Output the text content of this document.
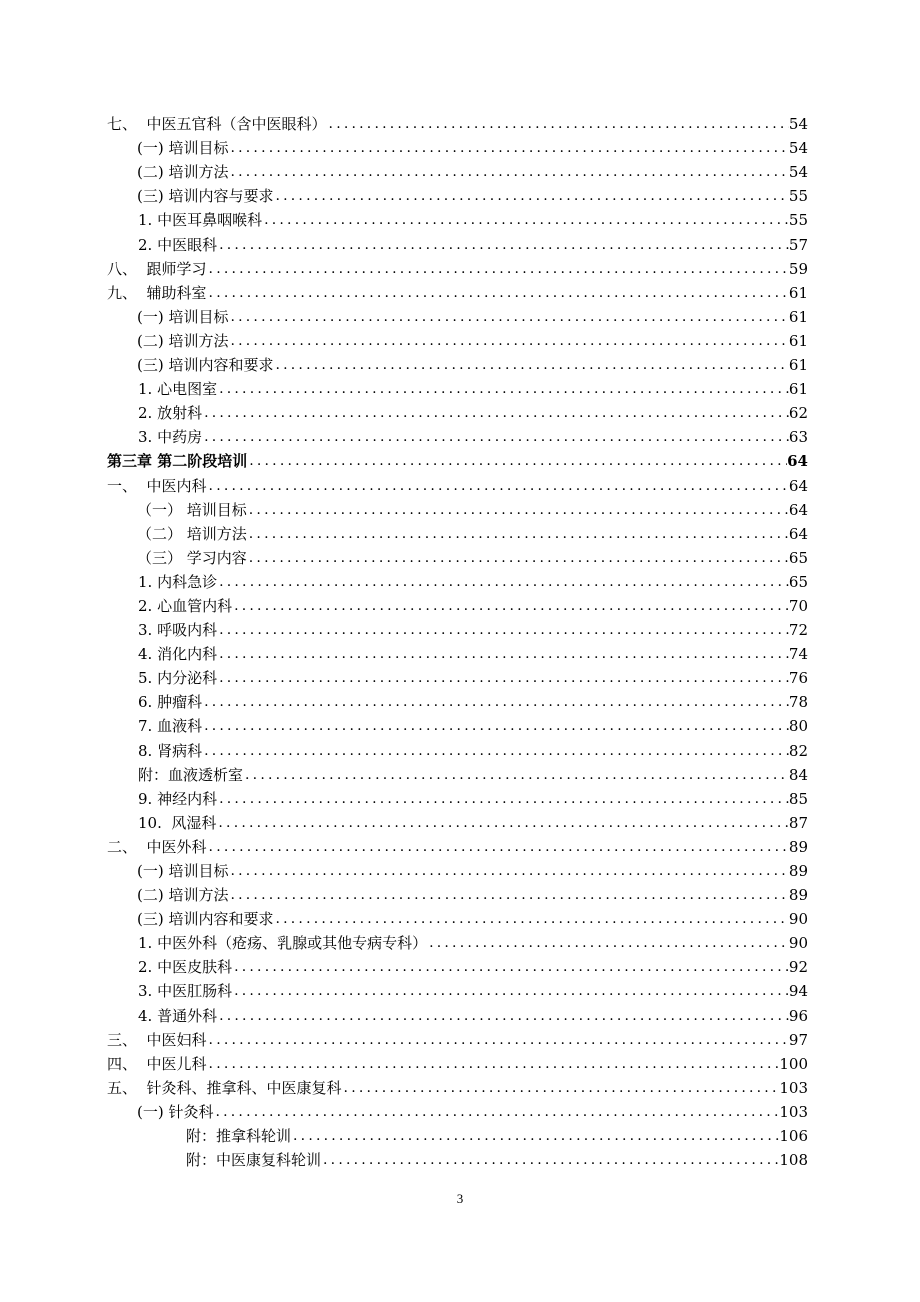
七、  中医五官科（含中医眼科） .....	54
(一) 培训目标 .....	54
(二) 培训方法 .....	54
(三) 培训内容与要求 .....	55
1. 中医耳鼻咽喉科 .....	55
2. 中医眼科 .....	57
八、  跟师学习 .....	59
九、  辅助科室 .....	61
(一) 培训目标 .....	61
(二) 培训方法 .....	61
(三) 培训内容和要求 .....	61
1. 心电图室 .....	61
2. 放射科 .....	62
3. 中药房 .....	63
第三章 第二阶段培训 .....	64
一、  中医内科 .....	64
（一） 培训目标 .....	64
（二） 培训方法 .....	64
（三） 学习内容 .....	65
1. 内科急诊 .....	65
2. 心血管内科 .....	70
3. 呼吸内科 .....	72
4. 消化内科 .....	74
5. 内分泌科 .....	76
6. 肿瘤科 .....	78
7. 血液科 .....	80
8. 肾病科 .....	82
附：血液透析室 .....	84
9. 神经内科 .....	85
10.  风湿科 .....	87
二、  中医外科 .....	89
(一) 培训目标 .....	89
(二) 培训方法 .....	89
(三) 培训内容和要求 .....	90
1. 中医外科（疮疡、乳腺或其他专病专科） .....	90
2. 中医皮肤科 .....	92
3. 中医肛肠科 .....	94
4. 普通外科 .....	96
三、  中医妇科 .....	97
四、  中医儿科 .....	100
五、  针灸科、推拿科、中医康复科 .....	103
(一) 针灸科 .....	103
附：推拿科轮训 .....	106
附：中医康复科轮训 .....	108
3
